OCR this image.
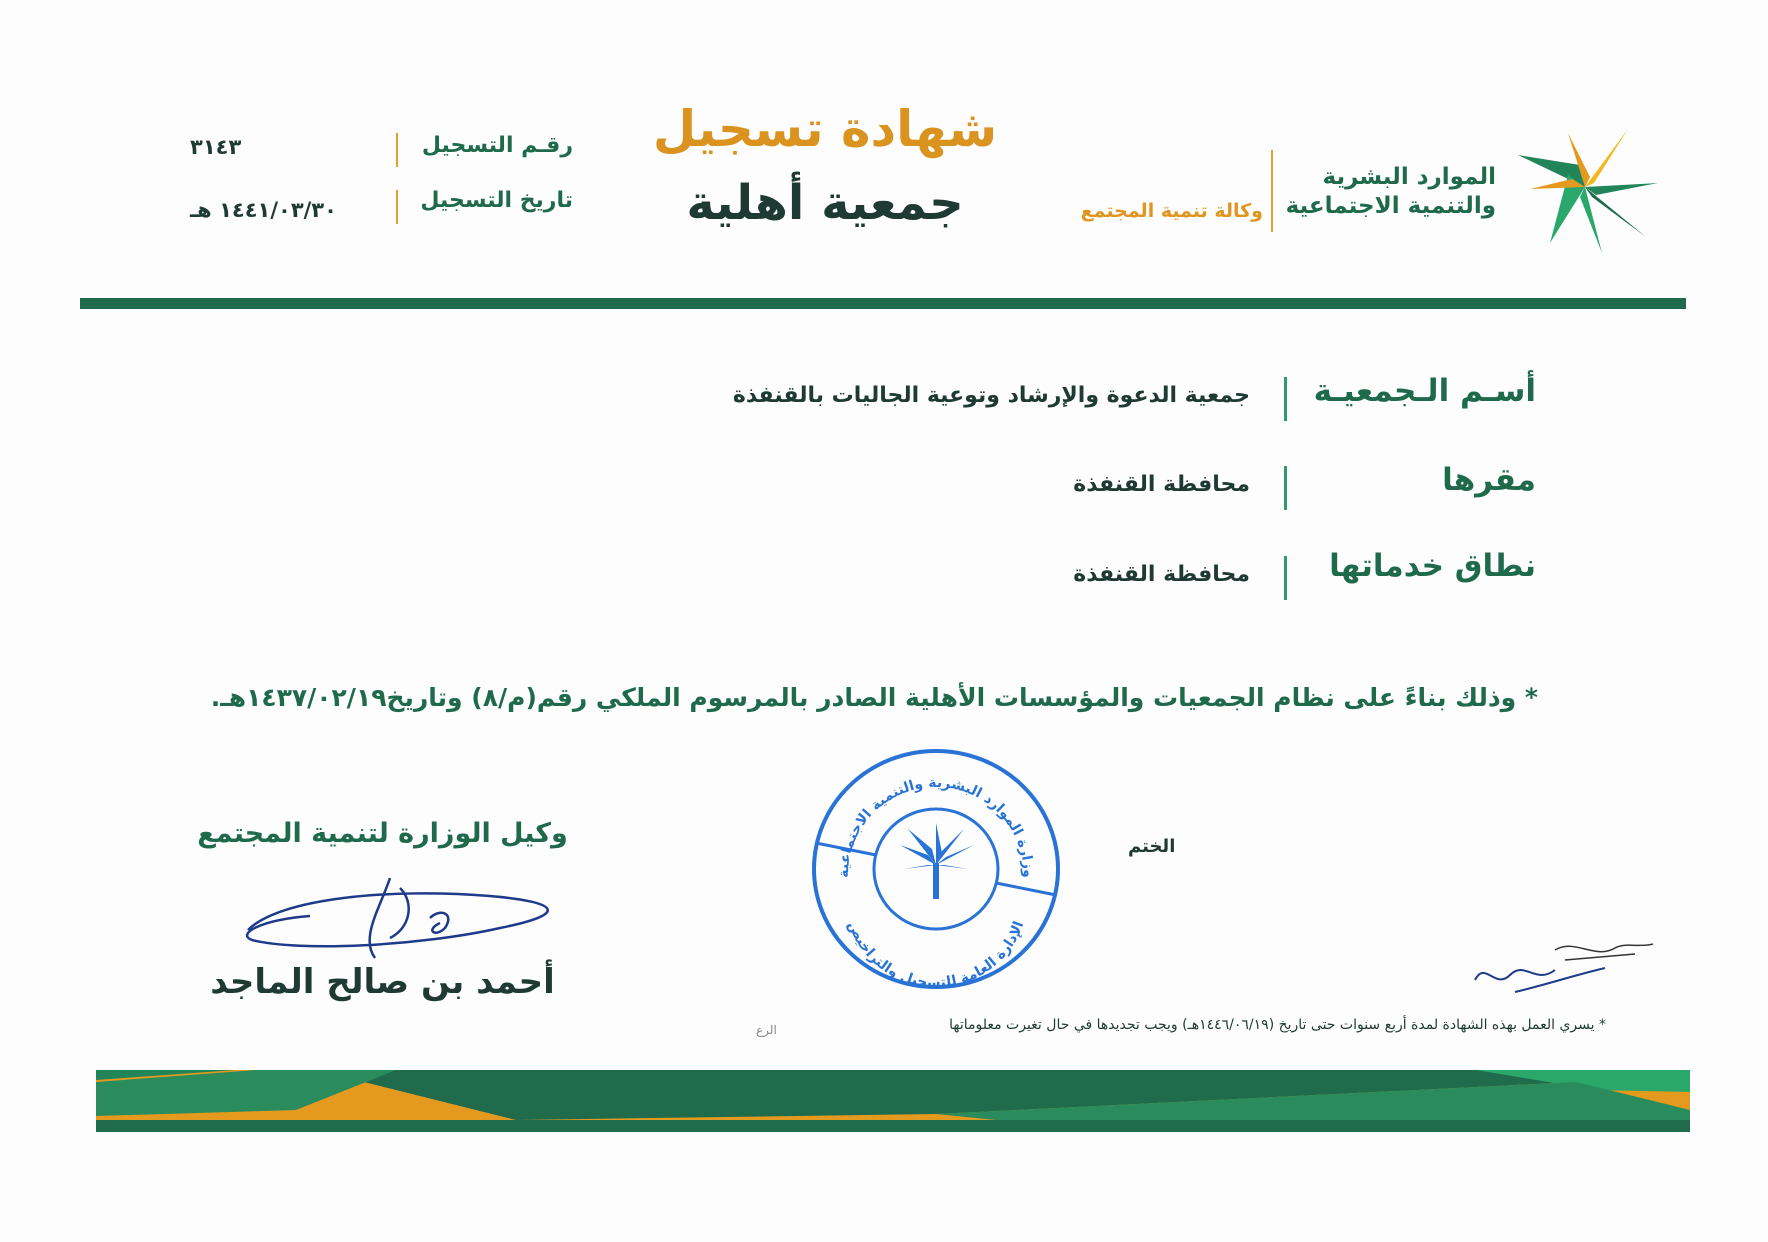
الموارد البشرية
والتنمية الاجتماعية
وكالة تنمية المجتمع
شهادة تسجيل
جمعية أهلية
رقـم التسجيل
٣١٤٣
تاريخ التسجيل
١٤٤١/٠٣/٣٠ هـ
أسـم الـجمعيـة
جمعية الدعوة والإرشاد وتوعية الجاليات بالقنفذة
مقرها
محافظة القنفذة
نطاق خدماتها
محافظة القنفذة
* وذلك بناءً على نظام الجمعيات والمؤسسات الأهلية الصادر بالمرسوم الملكي رقم(م/٨) وتاريخ١٤٣٧/٠٢/١٩هـ.
وكيل الوزارة لتنمية المجتمع
أحمد بن صالح الماجد
وزارة الموارد البشرية والتنمية الاجتماعية
الإدارة العامة للتسجيل والتراخيص
الختم
* يسري العمل بهذه الشهادة لمدة أربع سنوات حتى تاريخ (١٤٤٦/٠٦/١٩هـ) ويجب تجديدها في حال تغيرت معلوماتها
الرع
